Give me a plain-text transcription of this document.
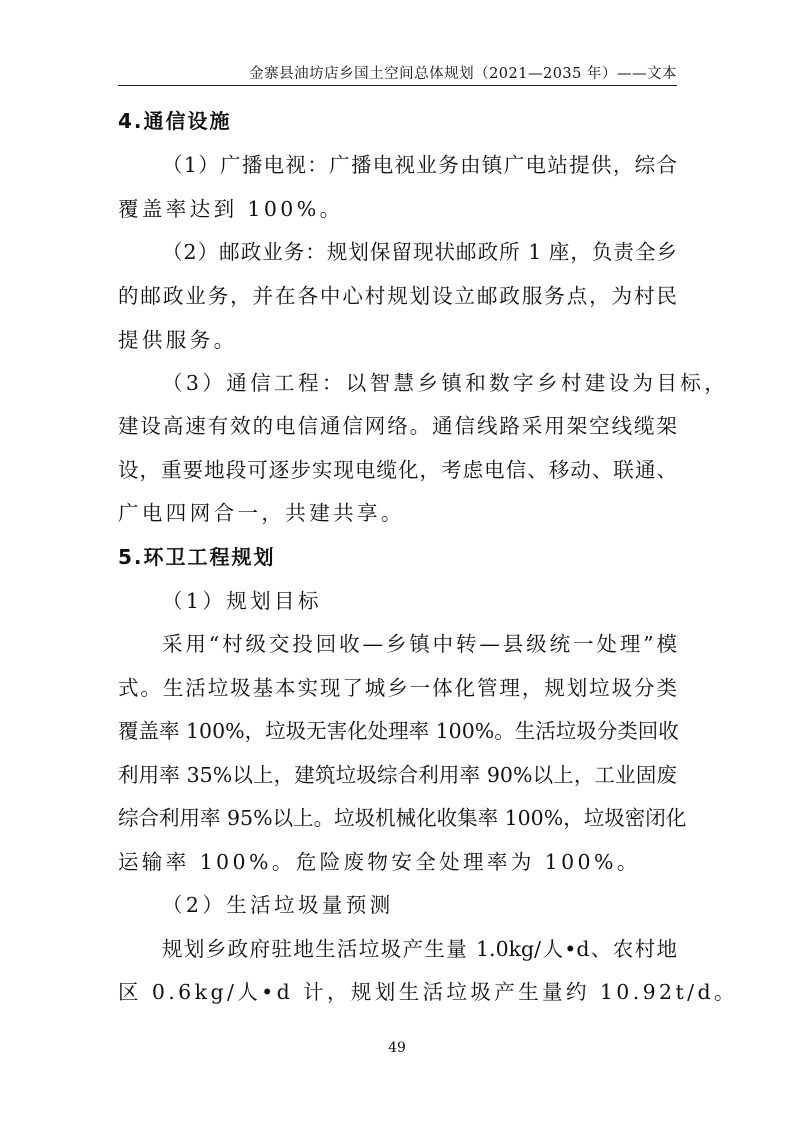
金寨县油坊店乡国土空间总体规划（2021—2035 年）——文本
4.通信设施
（1）广播电视：广播电视业务由镇广电站提供，综合
覆盖率达到 100%。
（2）邮政业务：规划保留现状邮政所 1 座，负责全乡
的邮政业务，并在各中心村规划设立邮政服务点，为村民
提供服务。
（3）通信工程：以智慧乡镇和数字乡村建设为目标，
建设高速有效的电信通信网络。通信线路采用架空线缆架
设，重要地段可逐步实现电缆化，考虑电信、移动、联通、
广电四网合一，共建共享。
5.环卫工程规划
（1）规划目标
采用“村级交投回收—乡镇中转—县级统一处理”模
式。生活垃圾基本实现了城乡一体化管理，规划垃圾分类
覆盖率 100%，垃圾无害化处理率 100%。生活垃圾分类回收
利用率 35%以上，建筑垃圾综合利用率 90%以上，工业固废
综合利用率 95%以上。垃圾机械化收集率 100%，垃圾密闭化
运输率 100%。危险废物安全处理率为 100%。
（2）生活垃圾量预测
规划乡政府驻地生活垃圾产生量 1.0kg/人•d、农村地
区 0.6kg/人•d 计，规划生活垃圾产生量约 10.92t/d。
49
